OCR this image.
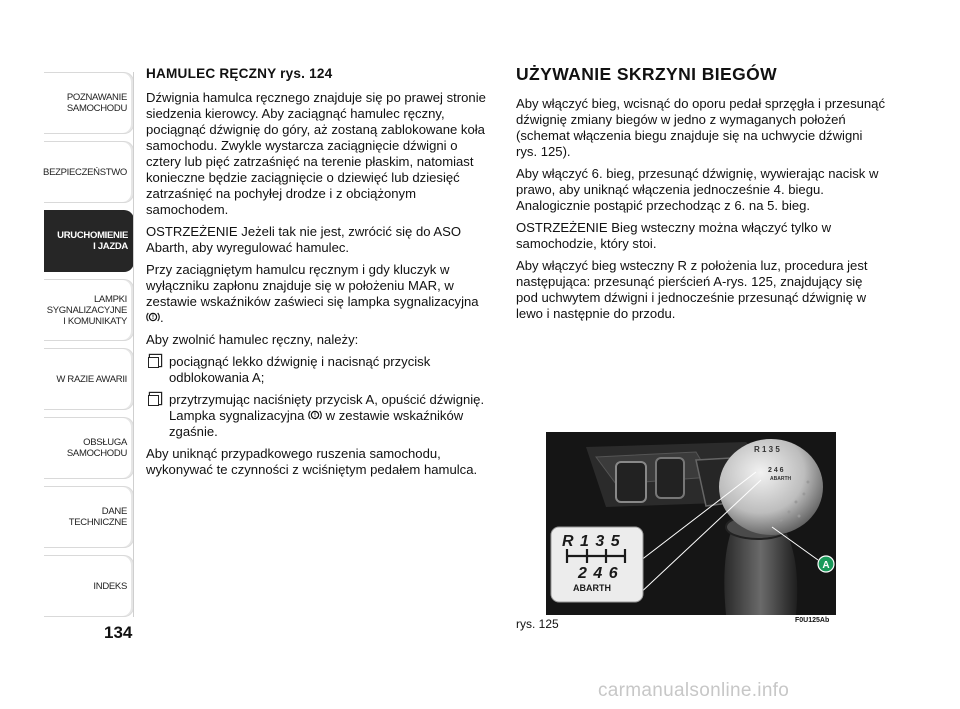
POZNAWANIE
SAMOCHODU
BEZPIECZEŃSTWO
URUCHOMIENIE
I JAZDA
LAMPKI
SYGNALIZACYJNE
I KOMUNIKATY
W RAZIE AWARII
OBSŁUGA
SAMOCHODU
DANE
TECHNICZNE
INDEKS
134
HAMULEC RĘCZNY rys. 124

Dźwignia hamulca ręcznego znajduje się po prawej stronie siedzenia kierowcy. Aby zaciągnąć hamulec ręczny, pociągnąć dźwignię do góry, aż zostaną zablokowane koła samochodu. Zwykle wystarcza zaciągnięcie dźwigni o cztery lub pięć zatrzaśnięć na terenie płaskim, natomiast konieczne będzie zaciągnięcie o dziewięć lub dziesięć zatrzaśnięć na pochyłej drodze i z obciążonym samochodem.

OSTRZEŻENIE Jeżeli tak nie jest, zwrócić się do ASO Abarth, aby wyregulować hamulec.

Przy zaciągniętym hamulcu ręcznym i gdy kluczyk w wyłączniku zapłonu znajduje się w położeniu MAR, w zestawie wskaźników zaświeci się lampka sygnalizacyjna
! .

Aby zwolnić hamulec ręczny, należy:

pociągnąć lekko dźwignię i nacisnąć przycisk odblokowania A;
przytrzymując naciśnięty przycisk A, opuścić dźwignię. Lampka sygnalizacyjna ! w zestawie wskaźników zgaśnie.

Aby uniknąć przypadkowego ruszenia samochodu, wykonywać te czynności z wciśniętym pedałem hamulca.

UŻYWANIE SKRZYNI BIEGÓW

Aby włączyć bieg, wcisnąć do oporu pedał sprzęgła i przesunąć dźwignię zmiany biegów w jedno z wymaganych położeń (schemat włączenia biegu znajduje się na uchwycie dźwigni rys. 125).

Aby włączyć 6. bieg, przesunąć dźwignię, wywierając nacisk w prawo, aby uniknąć włączenia jednocześnie 4. biegu. Analogicznie postąpić przechodząc z 6. na 5. bieg.

OSTRZEŻENIE Bieg wsteczny można włączyć tylko w samochodzie, który stoi.

Aby włączyć bieg wsteczny R z położenia luz, procedura jest następująca: przesunąć pierścień A-rys. 125, znajdujący się pod uchwytem dźwigni i jednocześnie przesunąć dźwignię w lewo i następnie do przodu.

R 1 3 5
2 4 6
ABARTH
R 1 3 5
2 4 6
ABARTH
A
rys. 125	F0U125Ab
carmanualsonline.info
